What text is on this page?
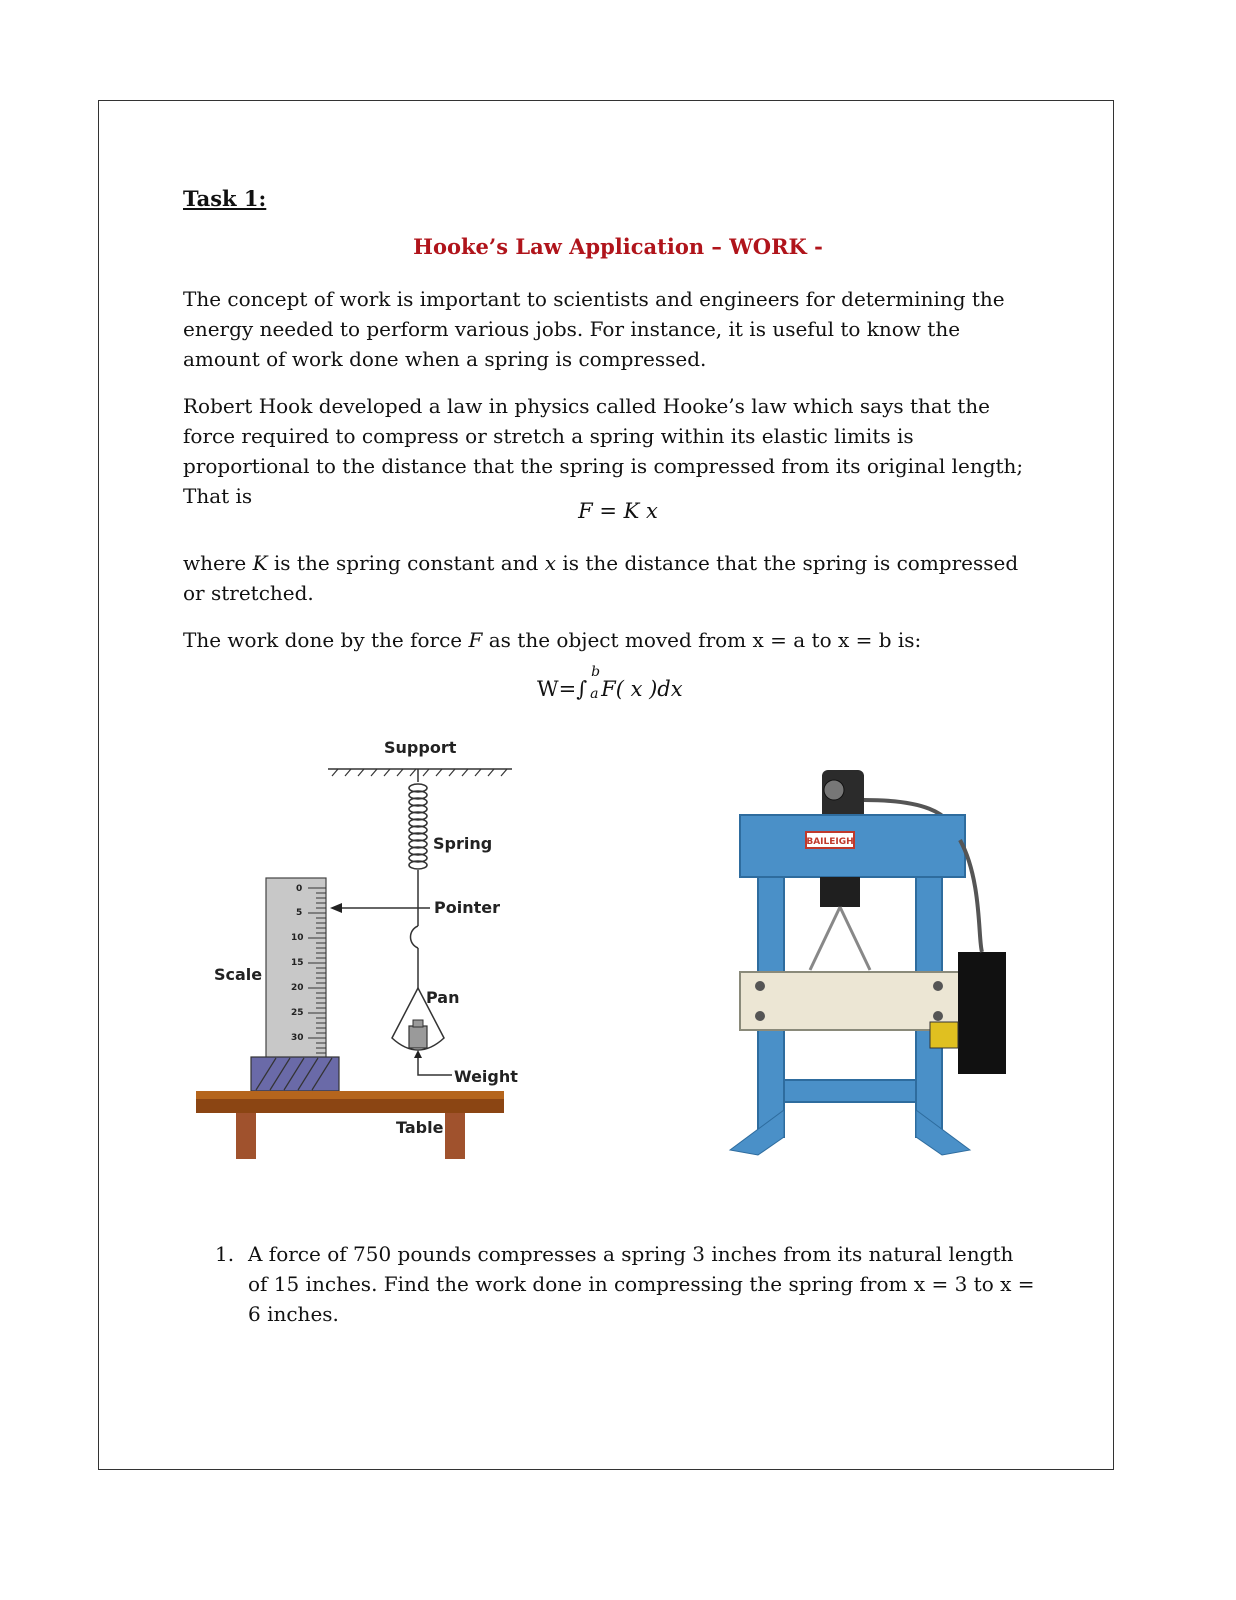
Task 1:
Hooke’s Law Application – WORK -
The concept of work is important to scientists and engineers for determining the energy needed to perform various jobs. For instance, it is useful to know the amount of work done when a spring is compressed.
Robert Hook developed a law in physics called Hooke’s law which says that the force required to compress or stretch a spring within its elastic limits is proportional to the distance that the spring is compressed from its original length; That is
F = K x
where K is the spring constant and x is the distance that the spring is compressed or stretched.
The work done by the force F as the object moved from x = a to x = b is:
W=∫
b
a F( x )dx
Support
Spring
0
5
10
15
20
25
30
Scale
Pointer
Pan
Weight
Table
BAILEIGH
1. A force of 750 pounds compresses a spring 3 inches from its natural length of 15 inches. Find the work done in compressing the spring from x = 3 to x = 6 inches.
